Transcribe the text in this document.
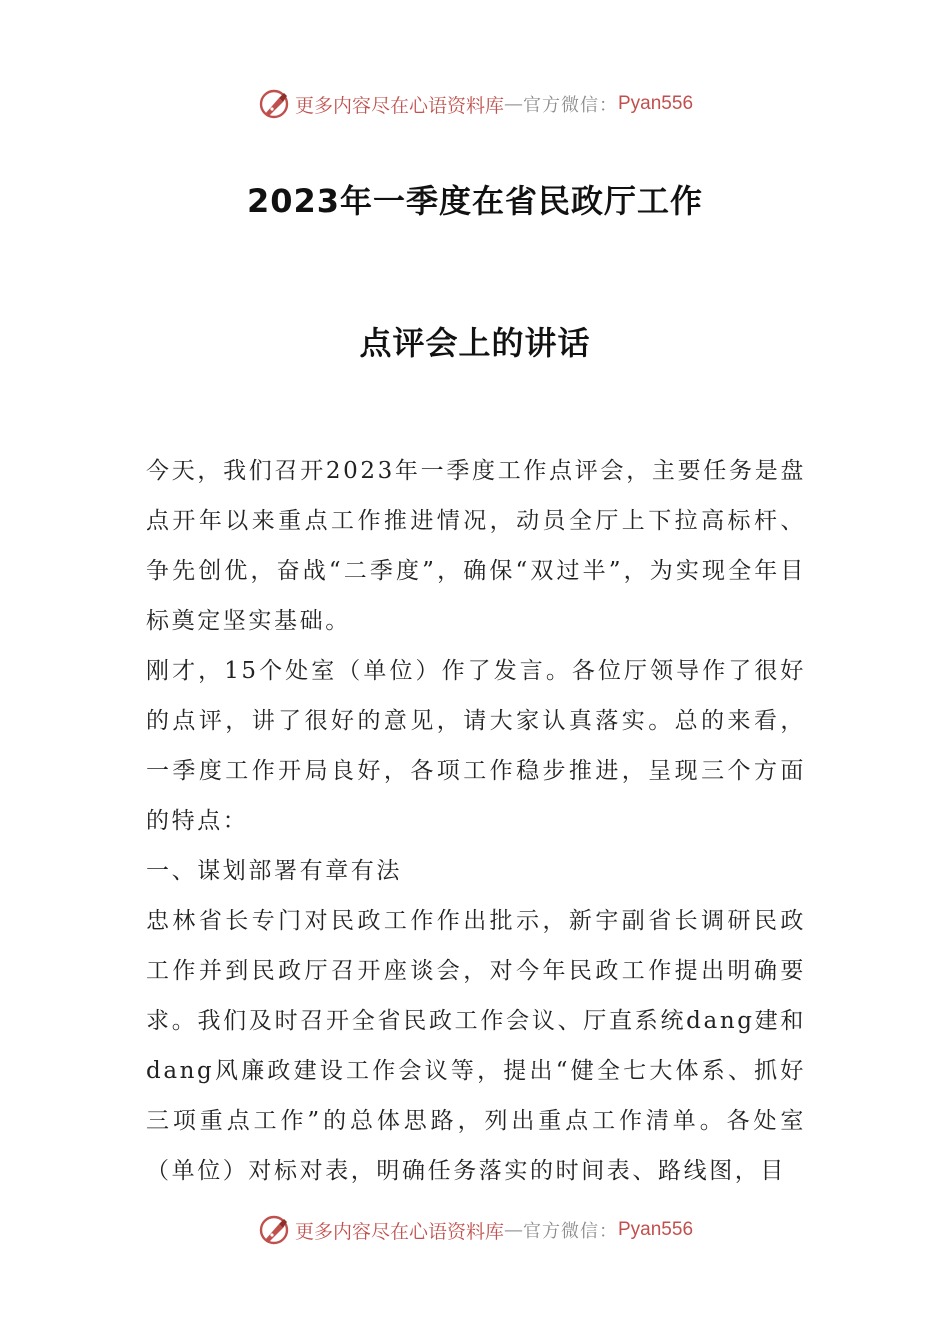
更多内容尽在心语资料库 — 官方微信： Pyan556
2023年一季度在省民政厅工作
点评会上的讲话

今天，我们召开2023年一季度工作点评会，主要任务是盘点开年以来重点工作推进情况，动员全厅上下拉高标杆、争先创优，奋战“二季度”，确保“双过半”，为实现全年目标奠定坚实基础。

刚才，15个处室（单位）作了发言。各位厅领导作了很好的点评，讲了很好的意见，请大家认真落实。总的来看，一季度工作开局良好，各项工作稳步推进，呈现三个方面的特点：

一、谋划部署有章有法

忠林省长专门对民政工作作出批示，新宇副省长调研民政工作并到民政厅召开座谈会，对今年民政工作提出明确要求。我们及时召开全省民政工作会议、厅直系统dang建和dang风廉政建设工作会议等，提出“健全七大体系、抓好三项重点工作”的总体思路，列出重点工作清单。各处室（单位）对标对表，明确任务落实的时间表、路线图，目

更多内容尽在心语资料库 — 官方微信： Pyan556
